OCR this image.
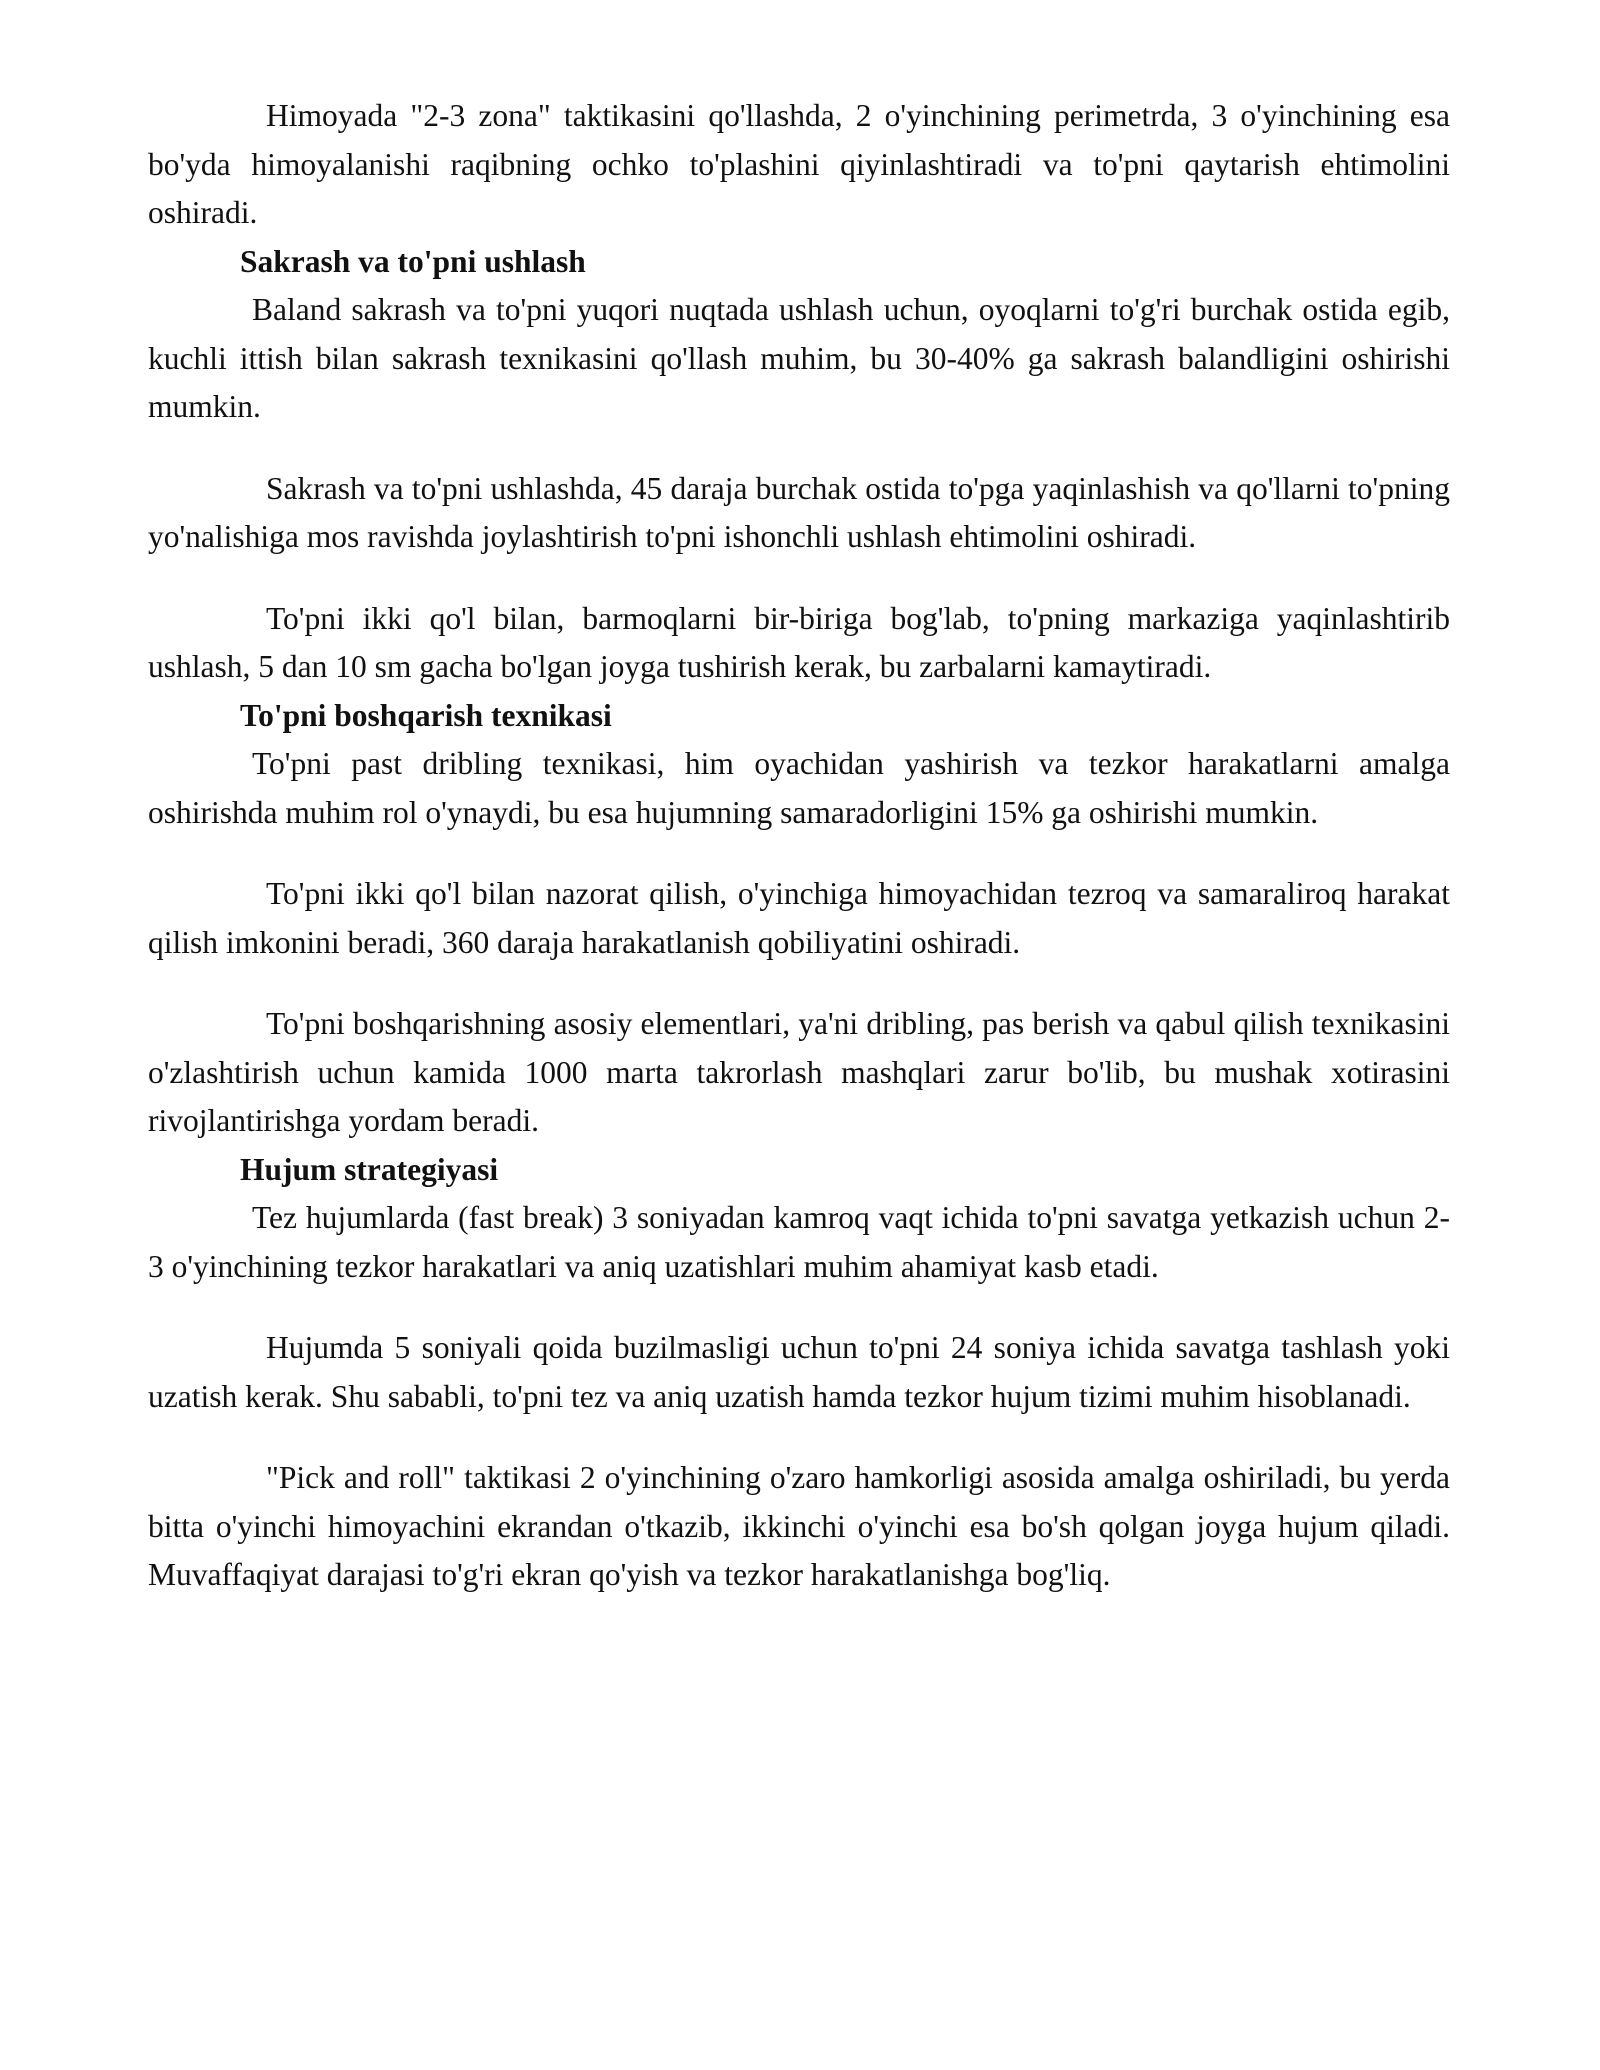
Himoyada "2-3 zona" taktikasini qo'llashda, 2 o'yinchining perimetrda, 3 o'yinchining esa bo'yda himoyalanishi raqibning ochko to'plashini qiyinlashtiradi va to'pni qaytarish ehtimolini oshiradi.

Sakrash va to'pni ushlash

Baland sakrash va to'pni yuqori nuqtada ushlash uchun, oyoqlarni to'g'ri burchak ostida egib, kuchli ittish bilan sakrash texnikasini qo'llash muhim, bu 30-40% ga sakrash balandligini oshirishi mumkin.

Sakrash va to'pni ushlashda, 45 daraja burchak ostida to'pga yaqinlashish va qo'llarni to'pning yo'nalishiga mos ravishda joylashtirish to'pni ishonchli ushlash ehtimolini oshiradi.

To'pni ikki qo'l bilan, barmoqlarni bir-biriga bog'lab, to'pning markaziga yaqinlashtirib ushlash, 5 dan 10 sm gacha bo'lgan joyga tushirish kerak, bu zarbalarni kamaytiradi.

To'pni boshqarish texnikasi

To'pni past dribling texnikasi, him oyachidan yashirish va tezkor harakatlarni amalga oshirishda muhim rol o'ynaydi, bu esa hujumning samaradorligini 15% ga oshirishi mumkin.

To'pni ikki qo'l bilan nazorat qilish, o'yinchiga himoyachidan tezroq va samaraliroq harakat qilish imkonini beradi, 360 daraja harakatlanish qobiliyatini oshiradi.

To'pni boshqarishning asosiy elementlari, ya'ni dribling, pas berish va qabul qilish texnikasini o'zlashtirish uchun kamida 1000 marta takrorlash mashqlari zarur bo'lib, bu mushak xotirasini rivojlantirishga yordam beradi.

Hujum strategiyasi

Tez hujumlarda (fast break) 3 soniyadan kamroq vaqt ichida to'pni savatga yetkazish uchun 2-3 o'yinchining tezkor harakatlari va aniq uzatishlari muhim ahamiyat kasb etadi.

Hujumda 5 soniyali qoida buzilmasligi uchun to'pni 24 soniya ichida savatga tashlash yoki uzatish kerak. Shu sababli, to'pni tez va aniq uzatish hamda tezkor hujum tizimi muhim hisoblanadi.

"Pick and roll" taktikasi 2 o'yinchining o'zaro hamkorligi asosida amalga oshiriladi, bu yerda bitta o'yinchi himoyachini ekrandan o'tkazib, ikkinchi o'yinchi esa bo'sh qolgan joyga hujum qiladi. Muvaffaqiyat darajasi to'g'ri ekran qo'yish va tezkor harakatlanishga bog'liq.
